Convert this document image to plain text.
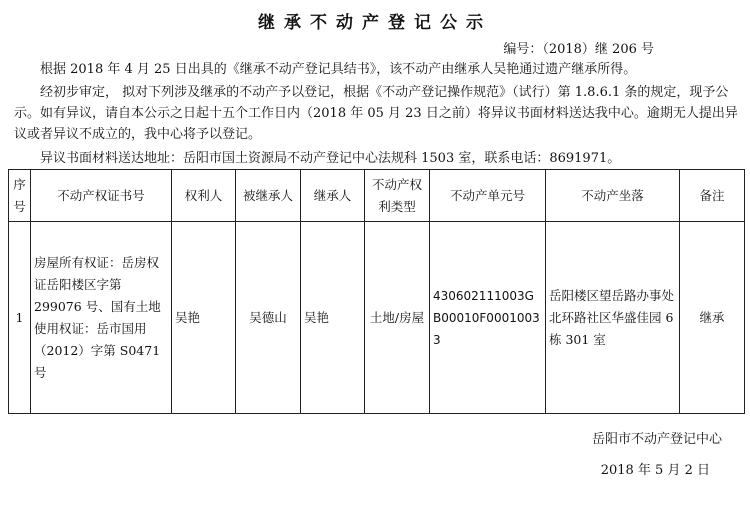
继承不动产登记公示
编号：（2018）继 206 号
根据 2018 年 4 月 25 日出具的《继承不动产登记具结书》，该不动产由继承人吴艳通过遗产继承所得。
经初步审定， 拟对下列涉及继承的不动产予以登记，根据《不动产登记操作规范》（试行）第 1.8.6.1 条的规定，现予公示。如有异议，请自本公示之日起十五个工作日内（2018 年 05 月 23 日之前）将异议书面材料送达我中心。逾期无人提出异议或者异议不成立的，我中心将予以登记。
异议书面材料送达地址：岳阳市国土资源局不动产登记中心法规科 1503 室，联系电话：8691971。
序号	不动产权证书号	权利人	被继承人	继承人	不动产权利类型	不动产单元号	不动产坐落	备注
1	房屋所有权证：岳房权证岳阳楼区字第 299076 号、国有土地使用权证：岳市国用（2012）字第 S0471 号	吴艳	吴德山	吴艳	土地/房屋	430602111003GB00010F00010033	岳阳楼区望岳路办事处北环路社区华盛佳园 6 栋 301 室	继承
岳阳市不动产登记中心
2018 年 5 月 2 日
